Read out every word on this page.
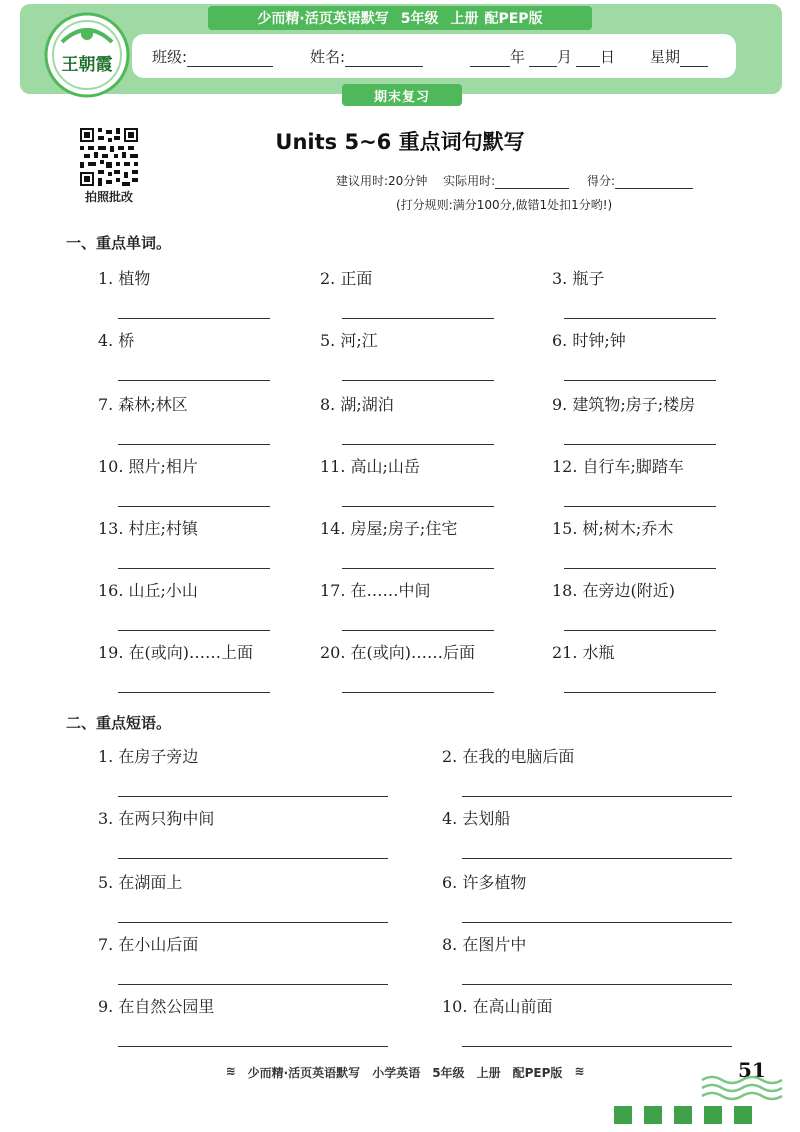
少而精·活页英语默写 5年级 上册 配PEP版
王朝霞	班级:	姓名:	年 月 日 星期
期末复习
拍照批改
Units 5~6 重点词句默写
建议用时:20分钟 实际用时:	得分:
(打分规则:满分100分,做错1处扣1分哟!)
一、重点单词。
1. 植物	2. 正面	3. 瓶子
4. 桥	5. 河;江	6. 时钟;钟
7. 森林;林区	8. 湖;湖泊	9. 建筑物;房子;楼房
10. 照片;相片	11. 高山;山岳	12. 自行车;脚踏车
13. 村庄;村镇	14. 房屋;房子;住宅	15. 树;树木;乔木
16. 山丘;小山	17. 在……中间	18. 在旁边(附近)
19. 在(或向)……上面	20. 在(或向)……后面	21. 水瓶
二、重点短语。
1. 在房子旁边	2. 在我的电脑后面
3. 在两只狗中间	4. 去划船
5. 在湖面上	6. 许多植物
7. 在小山后面	8. 在图片中
9. 在自然公园里	10. 在高山前面
≋ 少而精·活页英语默写 小学英语 5年级 上册 配PEP版 ≋	51
